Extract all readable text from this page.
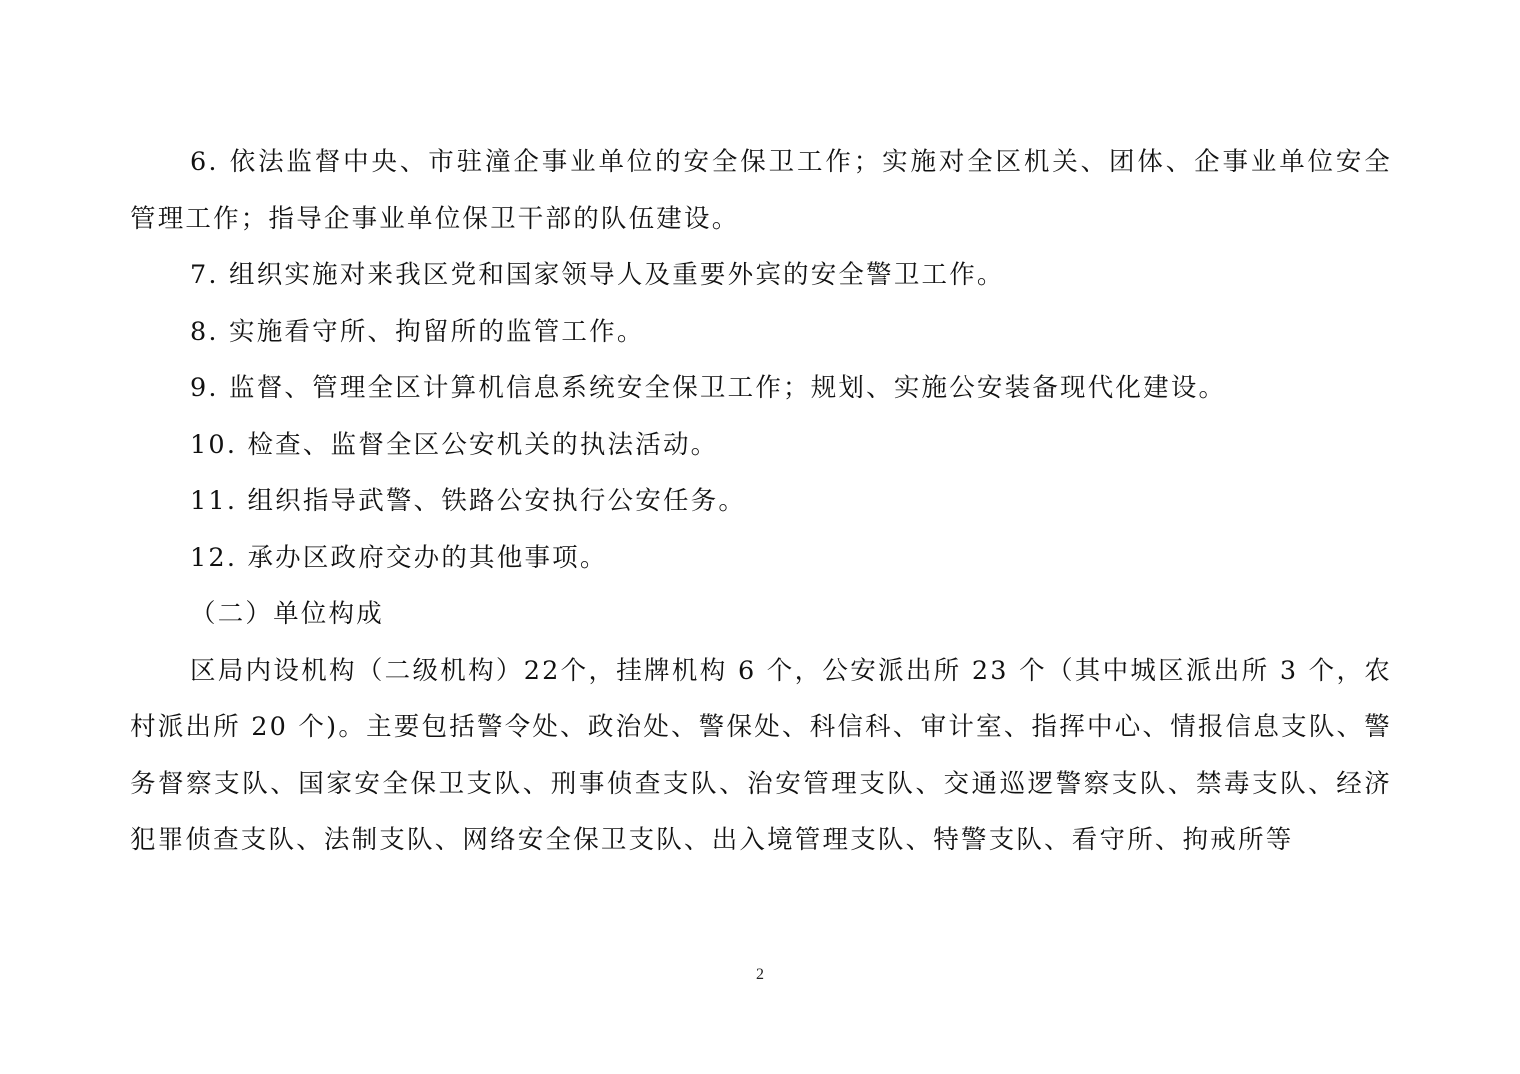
6. 依法监督中央、市驻潼企事业单位的安全保卫工作；实施对全区机关、团体、企事业单位安全管理工作；指导企事业单位保卫干部的队伍建设。

7. 组织实施对来我区党和国家领导人及重要外宾的安全警卫工作。

8. 实施看守所、拘留所的监管工作。

9. 监督、管理全区计算机信息系统安全保卫工作；规划、实施公安装备现代化建设。

10. 检查、监督全区公安机关的执法活动。

11. 组织指导武警、铁路公安执行公安任务。

12. 承办区政府交办的其他事项。

（二）单位构成

区局内设机构（二级机构）22个，挂牌机构 6 个，公安派出所 23 个（其中城区派出所 3 个，农村派出所 20 个)。主要包括警令处、政治处、警保处、科信科、审计室、指挥中心、情报信息支队、警务督察支队、国家安全保卫支队、刑事侦查支队、治安管理支队、交通巡逻警察支队、禁毒支队、经济犯罪侦查支队、法制支队、网络安全保卫支队、出入境管理支队、特警支队、看守所、拘戒所等

2
